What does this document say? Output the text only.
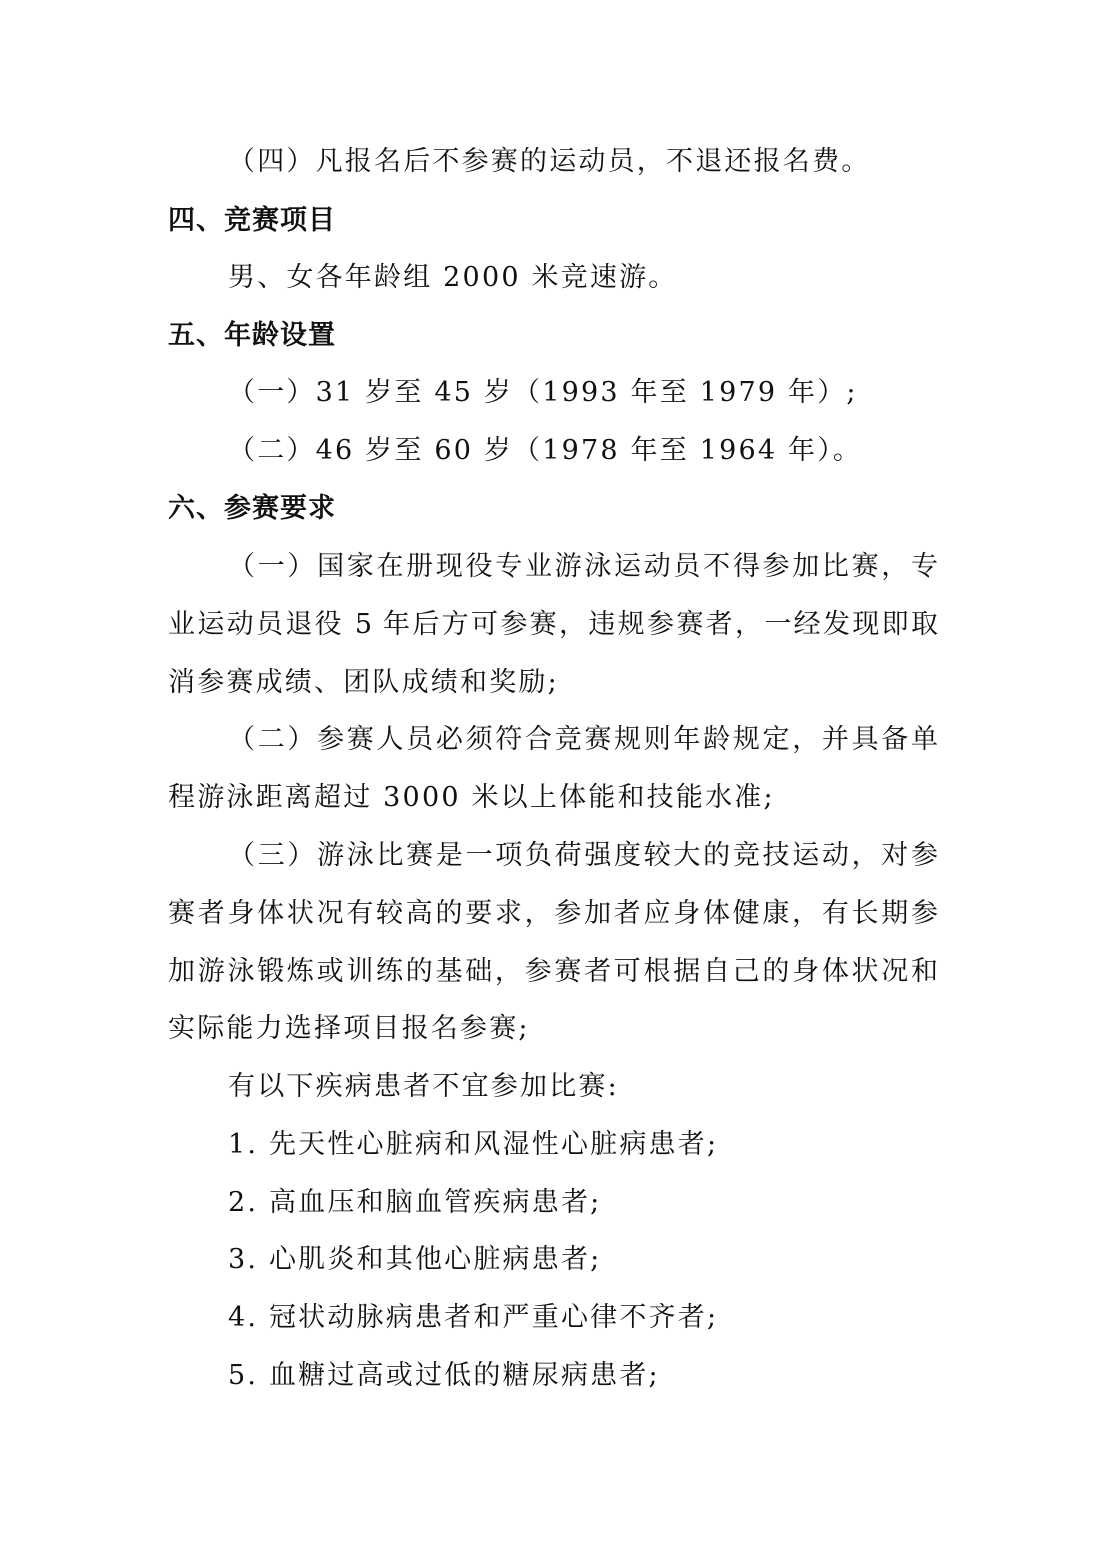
（四）凡报名后不参赛的运动员，不退还报名费。
四、竞赛项目
男、女各年龄组 2000 米竞速游。
五、年龄设置
（一）31 岁至 45 岁（1993 年至 1979 年）;
（二）46 岁至 60 岁（1978 年至 1964 年）。
六、参赛要求
（一）国家在册现役专业游泳运动员不得参加比赛，专
业运动员退役 5 年后方可参赛，违规参赛者，一经发现即取
消参赛成绩、团队成绩和奖励;
（二）参赛人员必须符合竞赛规则年龄规定，并具备单
程游泳距离超过 3000 米以上体能和技能水准;
（三）游泳比赛是一项负荷强度较大的竞技运动，对参
赛者身体状况有较高的要求，参加者应身体健康，有长期参
加游泳锻炼或训练的基础，参赛者可根据自己的身体状况和
实际能力选择项目报名参赛;
有以下疾病患者不宜参加比赛:
1. 先天性心脏病和风湿性心脏病患者;
2. 高血压和脑血管疾病患者;
3. 心肌炎和其他心脏病患者;
4. 冠状动脉病患者和严重心律不齐者;
5. 血糖过高或过低的糖尿病患者;
